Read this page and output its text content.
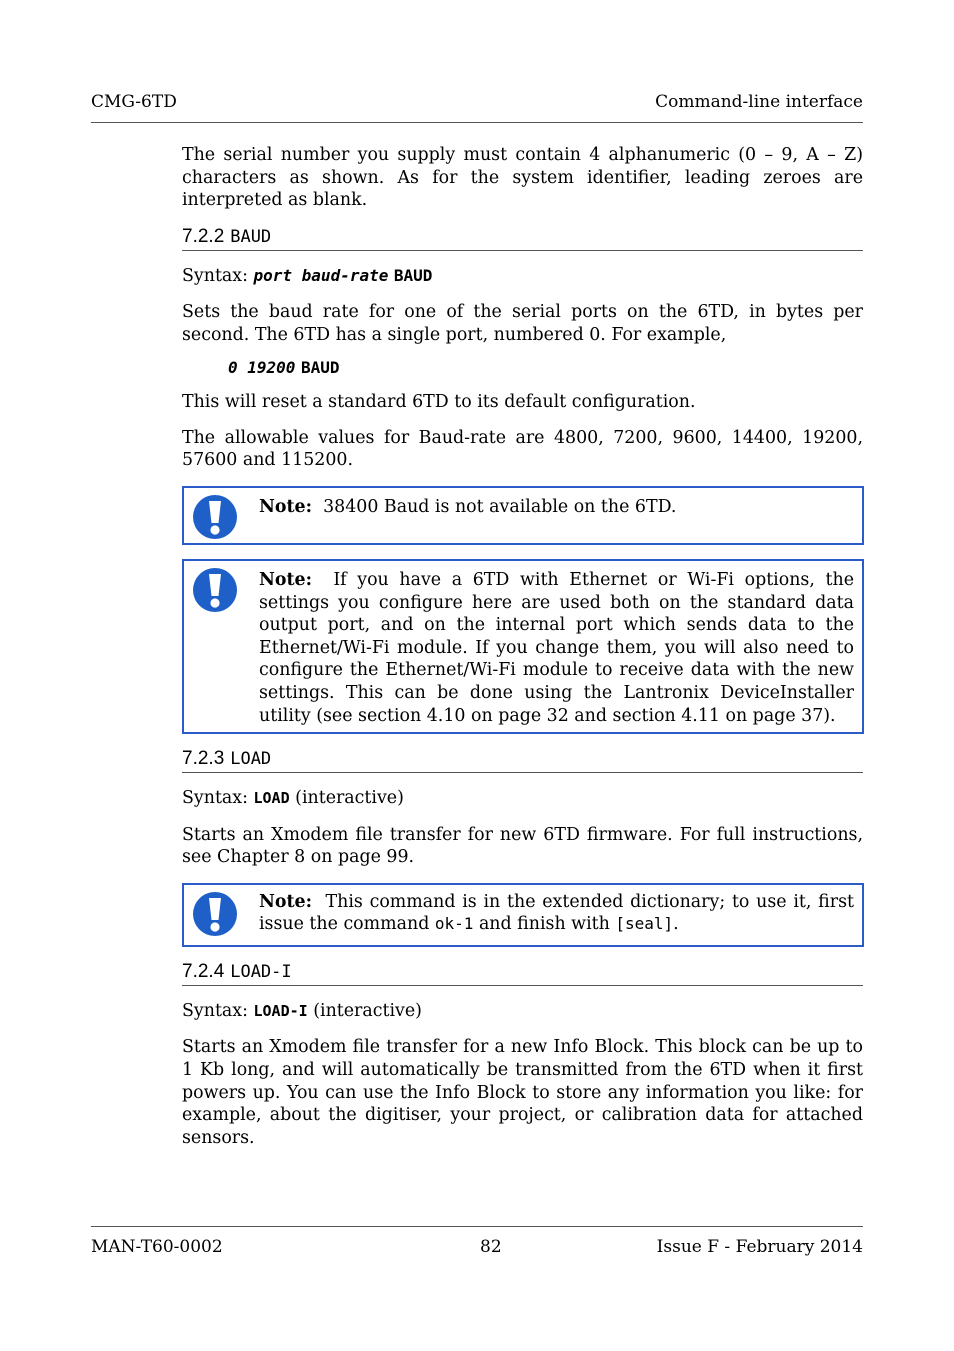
CMG-6TD	Command-line interface

The serial number you supply must contain 4 alphanumeric (0 – 9, A – Z) characters as shown. As for the system identifier, leading zeroes are interpreted as blank.

7.2.2 BAUD

Syntax: port baud-rate BAUD

Sets the baud rate for one of the serial ports on the 6TD, in bytes per second. The 6TD has a single port, numbered 0. For example,

0 19200 BAUD

This will reset a standard 6TD to its default configuration.

The allowable values for Baud-rate are 4800, 7200, 9600, 14400, 19200, 57600 and 115200.

Note: 38400 Baud is not available on the 6TD.
Note: If you have a 6TD with Ethernet or Wi-Fi options, the settings you configure here are used both on the standard data output port, and on the internal port which sends data to the Ethernet/Wi-Fi module. If you change them, you will also need to configure the Ethernet/Wi-Fi module to receive data with the new settings. This can be done using the Lantronix DeviceInstaller utility (see section 4.10 on page 32 and section 4.11 on page 37).
7.2.3 LOAD

Syntax: LOAD (interactive)

Starts an Xmodem file transfer for new 6TD firmware. For full instructions, see Chapter 8 on page 99.

Note: This command is in the extended dictionary; to use it, first issue the command ok-1 and finish with [seal].
7.2.4 LOAD-I

Syntax: LOAD-I (interactive)

Starts an Xmodem file transfer for a new Info Block. This block can be up to 1 Kb long, and will automatically be transmitted from the 6TD when it first powers up. You can use the Info Block to store any information you like: for example, about the digitiser, your project, or calibration data for attached sensors.

MAN-T60-0002	82	Issue F - February 2014
